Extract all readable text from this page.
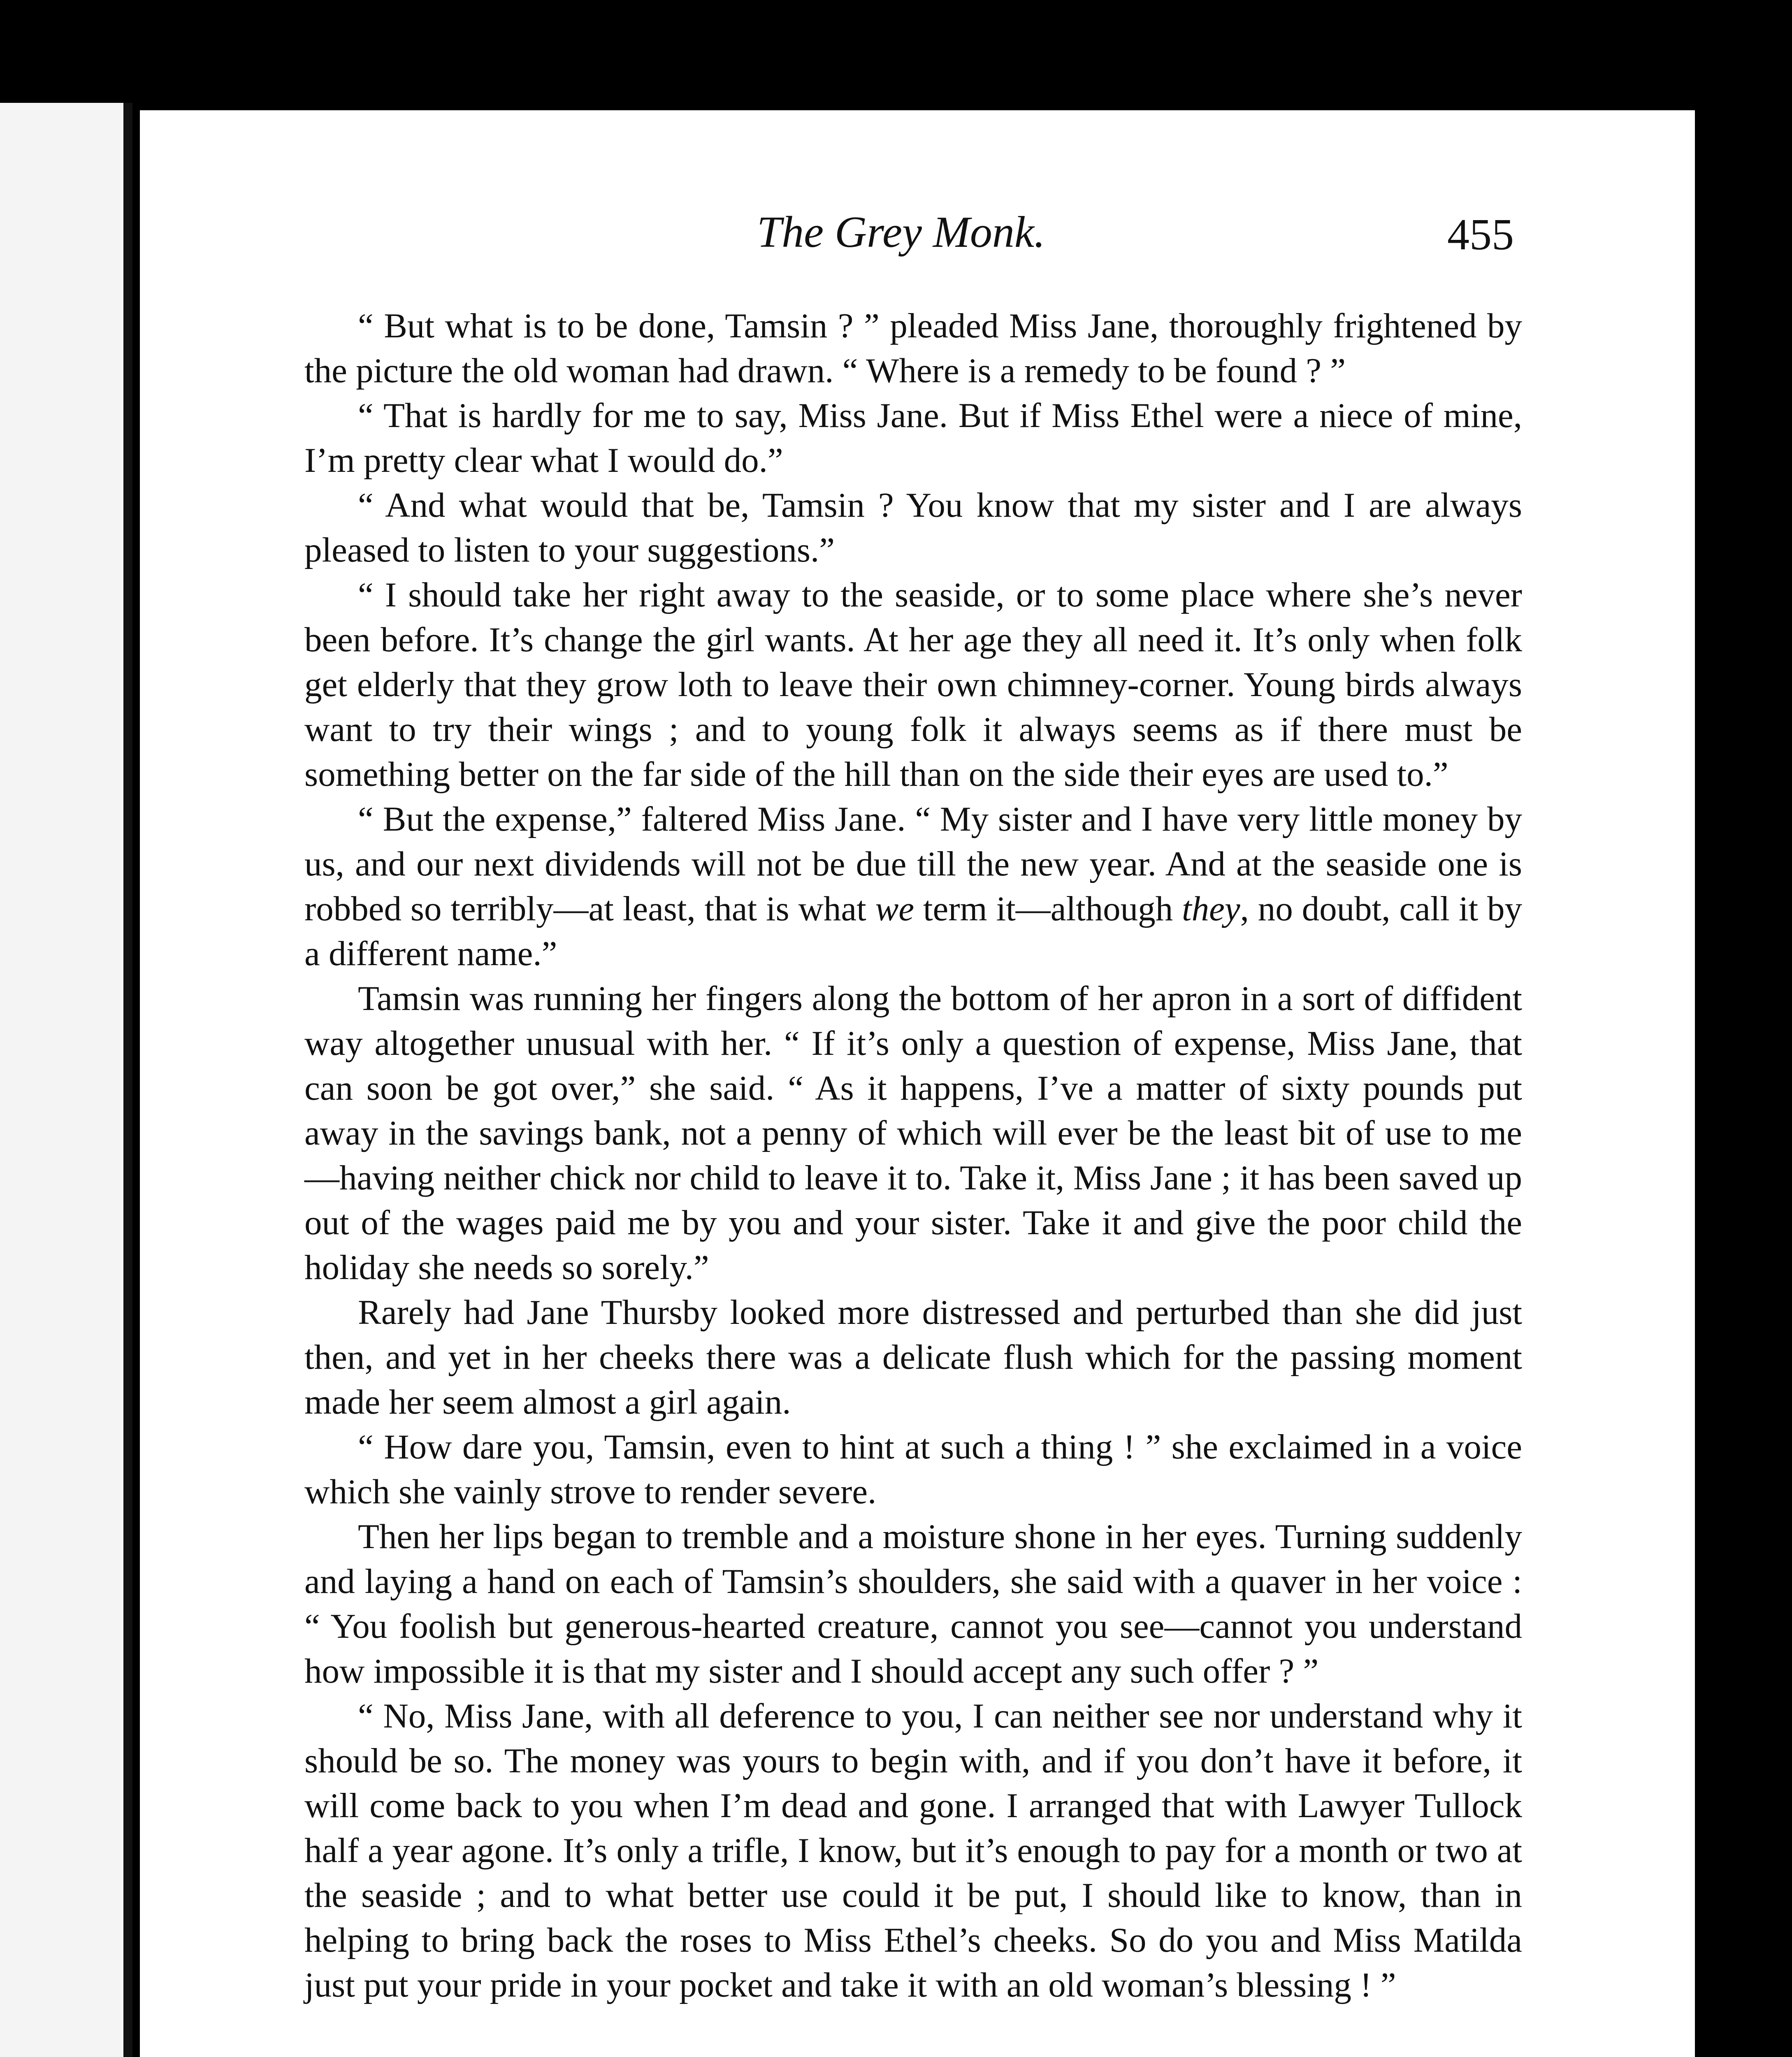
The Grey Monk.	455

“ But what is to be done, Tamsin ? ” pleaded Miss Jane, thoroughly frightened by the picture the old woman had drawn. “ Where is a remedy to be found ? ”

“ That is hardly for me to say, Miss Jane. But if Miss Ethel were a niece of mine, I’m pretty clear what I would do.”

“ And what would that be, Tamsin ? You know that my sister and I are always pleased to listen to your suggestions.”

“ I should take her right away to the seaside, or to some place where she’s never been before. It’s change the girl wants. At her age they all need it. It’s only when folk get elderly that they grow loth to leave their own chimney-corner. Young birds always want to try their wings ; and to young folk it always seems as if there must be something better on the far side of the hill than on the side their eyes are used to.”

“ But the expense,” faltered Miss Jane. “ My sister and I have very little money by us, and our next dividends will not be due till the new year. And at the seaside one is robbed so terribly—at least, that is what we term it—although they, no doubt, call it by a different name.”

Tamsin was running her fingers along the bottom of her apron in a sort of diffident way altogether unusual with her. “ If it’s only a question of expense, Miss Jane, that can soon be got over,” she said. “ As it happens, I’ve a matter of sixty pounds put away in the savings bank, not a penny of which will ever be the least bit of use to me—having neither chick nor child to leave it to. Take it, Miss Jane ; it has been saved up out of the wages paid me by you and your sister. Take it and give the poor child the holiday she needs so sorely.”

Rarely had Jane Thursby looked more distressed and perturbed than she did just then, and yet in her cheeks there was a delicate flush which for the passing moment made her seem almost a girl again.

“ How dare you, Tamsin, even to hint at such a thing ! ” she exclaimed in a voice which she vainly strove to render severe.

Then her lips began to tremble and a moisture shone in her eyes. Turning suddenly and laying a hand on each of Tamsin’s shoulders, she said with a quaver in her voice : “ You foolish but generous-hearted creature, cannot you see—cannot you understand how impossible it is that my sister and I should accept any such offer ? ”

“ No, Miss Jane, with all deference to you, I can neither see nor understand why it should be so. The money was yours to begin with, and if you don’t have it before, it will come back to you when I’m dead and gone. I arranged that with Lawyer Tullock half a year agone. It’s only a trifle, I know, but it’s enough to pay for a month or two at the seaside ; and to what better use could it be put, I should like to know, than in helping to bring back the roses to Miss Ethel’s cheeks. So do you and Miss Matilda just put your pride in your pocket and take it with an old woman’s blessing ! ”
